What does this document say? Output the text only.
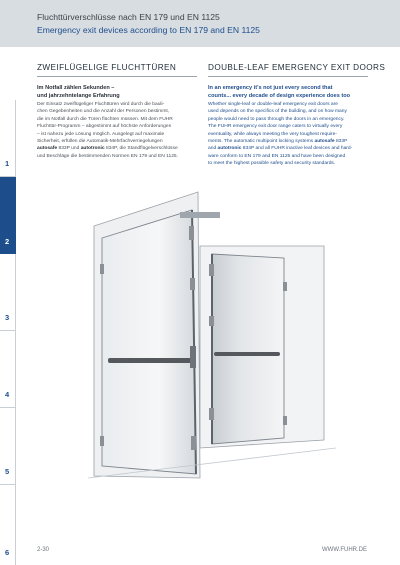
Fluchttürverschlüsse nach EN 179 und EN 1125
Emergency exit devices according to EN 179 and EN 1125
1
2
3
4
5
6
ZWEIFLÜGELIGE FLUCHTTÜREN
Im Notfall zählen Sekunden –
und jahrzehntelange Erfahrung
Der Einsatz zweiflügeliger Fluchttüren wird durch die bauli-
chen Gegebenheiten und die Anzahl der Personen bestimmt,
die im Notfall durch die Türen flüchten müssen. Mit dem FUHR
Fluchttür-Programm – abgestimmt auf höchste Anforderungen
– ist nahezu jede Lösung möglich. Ausgelegt auf maximale
Sicherheit, erfüllen die Automatik-Mehrfachverriegelungen
autosafe 833P und autotronic 834P, die Standflügelverschlüsse
und Beschläge die bestimmenden Normen EN 179 und EN 1125.
DOUBLE-LEAF EMERGENCY EXIT DOORS
In an emergency it's not just every second that
counts... every decade of design experience does too
Whether single-leaf or double-leaf emergency exit doors are
used depends on the specifics of the building, and on how many
people would need to pass through the doors in an emergency.
The FUHR emergency exit door range caters to virtually every
eventuality, while always meeting the very toughest require-
ments. The automatic multipoint locking systems autosafe 833P
and autotronic 834P and all FUHR inactive leaf devices and hard-
ware conform to EN 179 and EN 1125 and have been designed
to meet the highest possible safety and security standards.
2-30	WWW.FUHR.DE
